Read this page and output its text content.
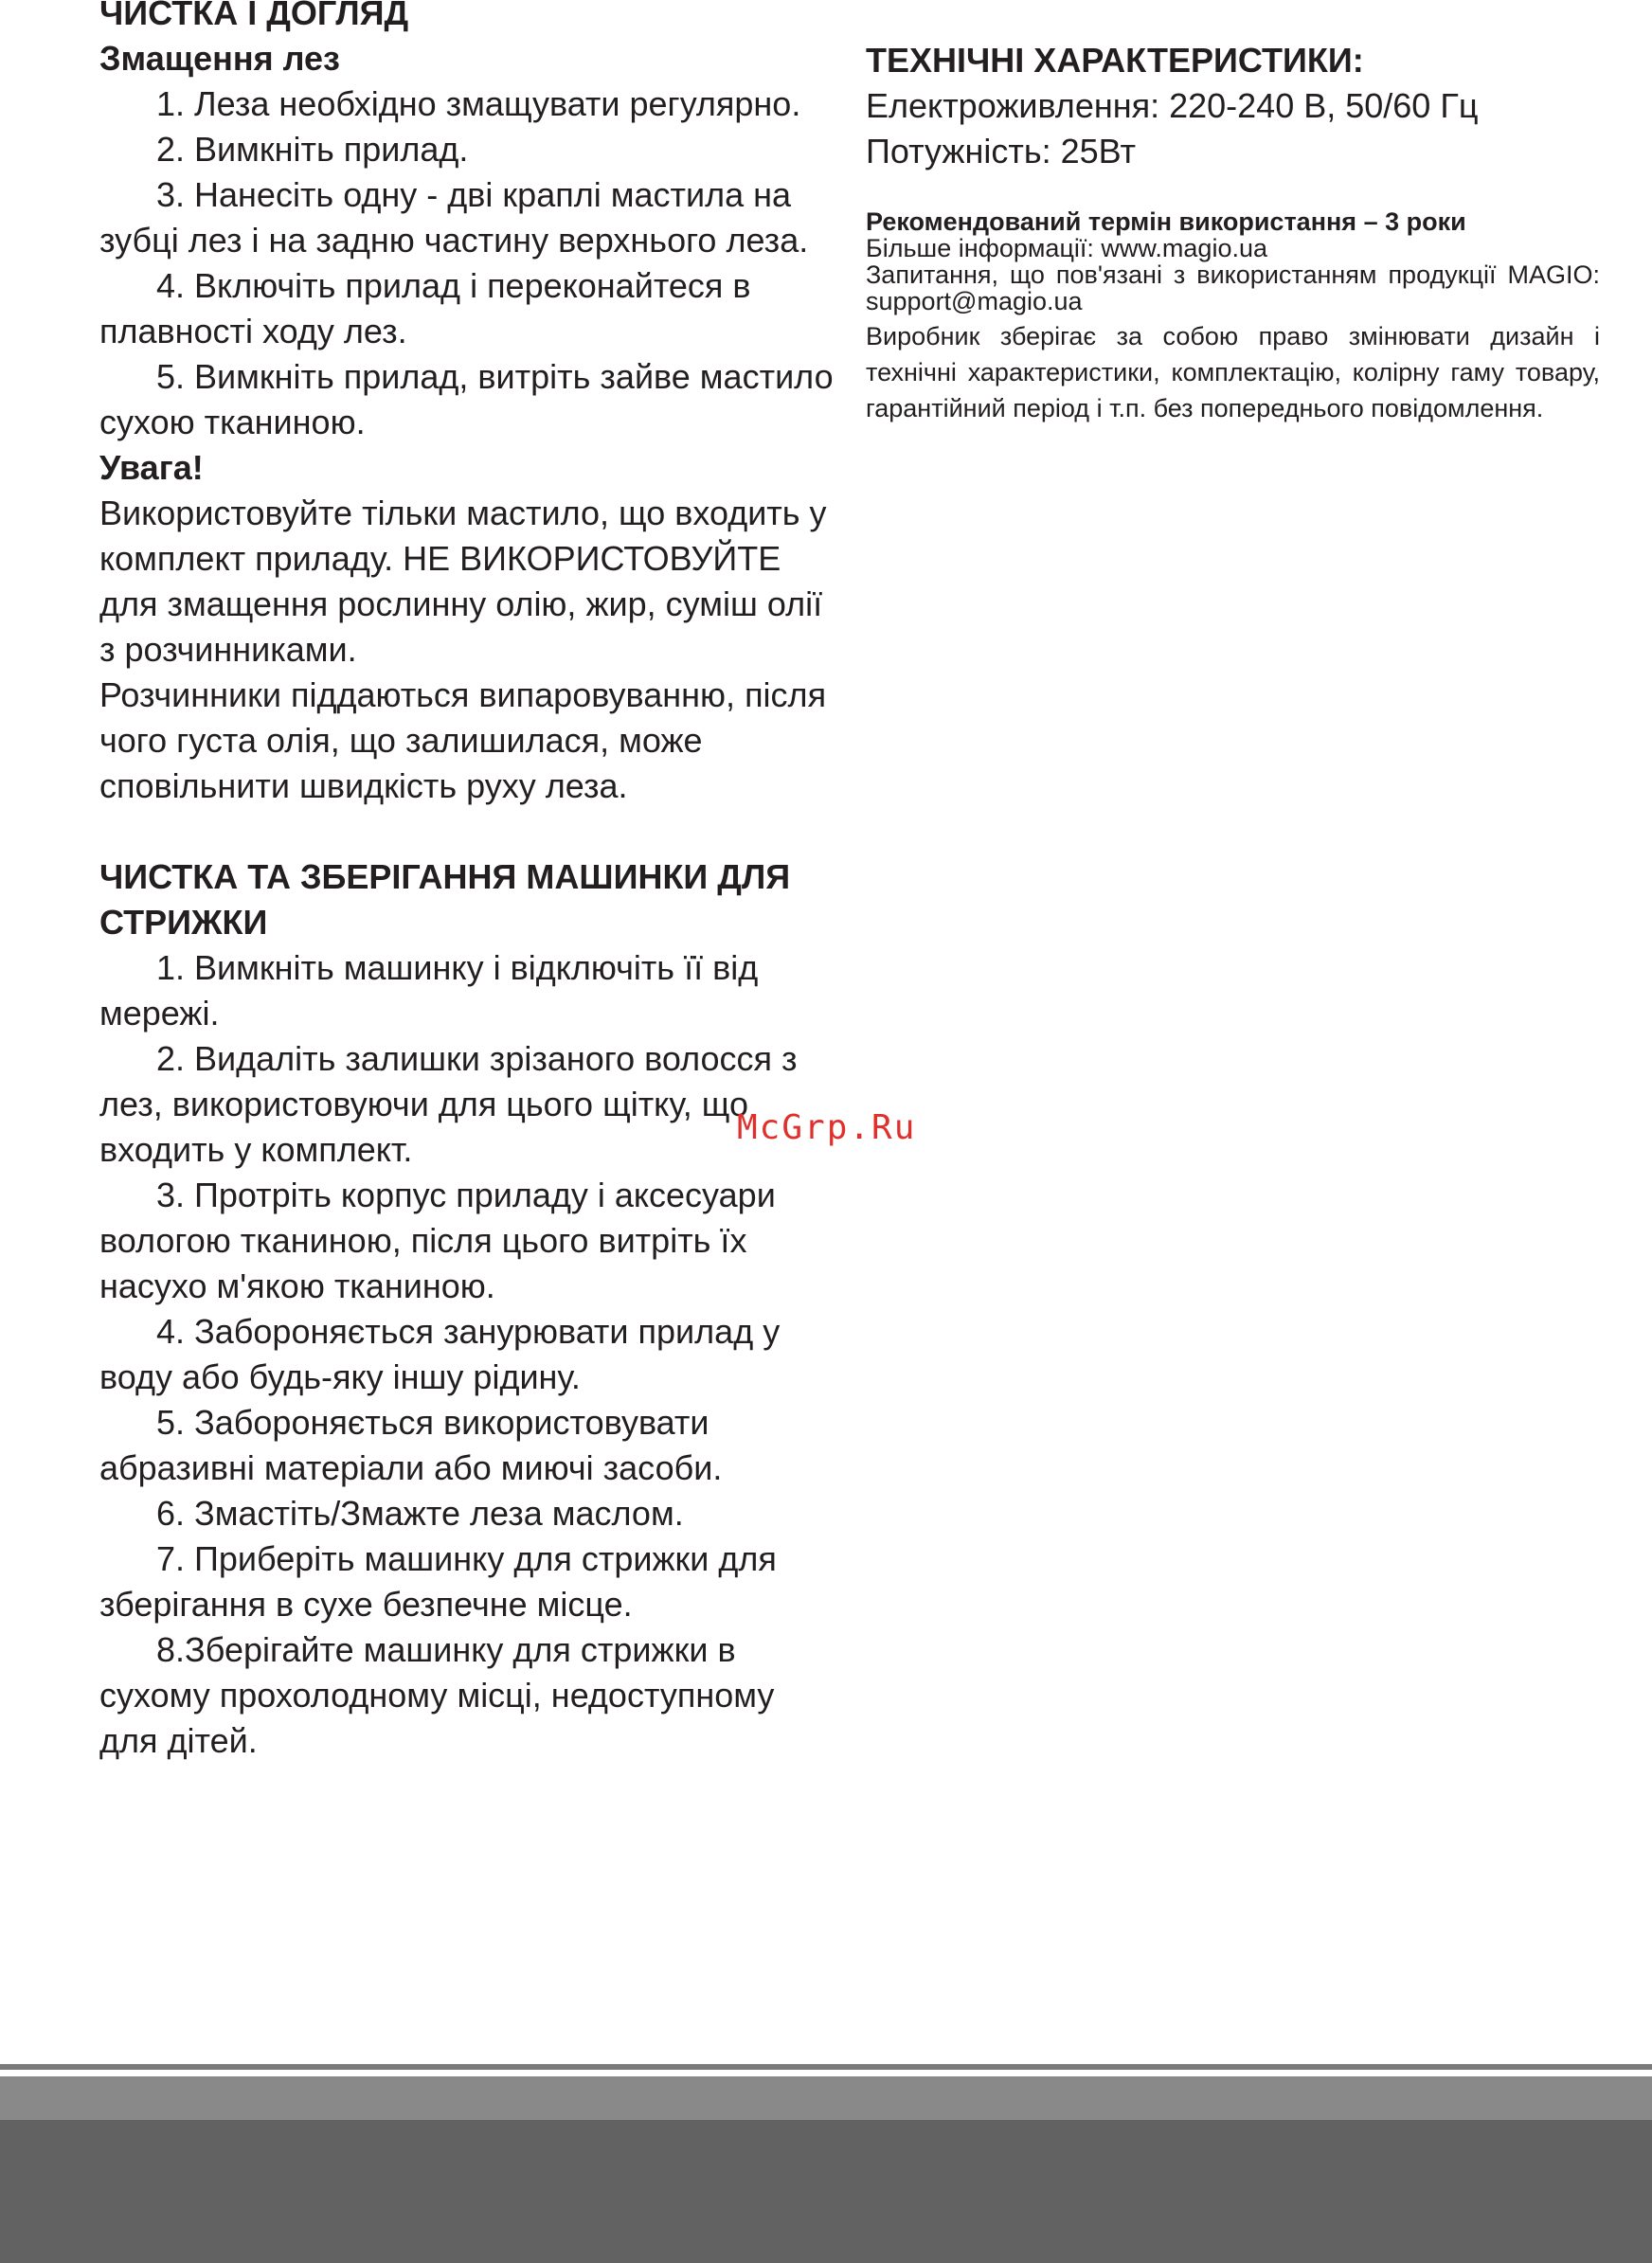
ЧИСТКА І ДОГЛЯД

Змащення лез

1. Леза необхідно змащувати регулярно.

2. Вимкніть прилад.

3. Нанесіть одну - дві краплі мастила на зубці лез і на задню частину верхнього леза.

4. Включіть прилад і переконайтеся в плавності ходу лез.

5. Вимкніть прилад, витріть зайве мастило сухою тканиною.

Увага!

Використовуйте тільки мастило, що входить у комплект приладу. НЕ ВИКОРИСТОВУЙТЕ для змащення рослинну олію, жир, суміш олії з розчинниками.

Розчинники піддаються випаровуванню, після чого густа олія, що залишилася, може сповільнити швидкість руху леза.

ЧИСТКА ТА ЗБЕРІГАННЯ МАШИНКИ ДЛЯ СТРИЖКИ

1. Вимкніть машинку і відключіть її від мережі.

2. Видаліть залишки зрізаного волосся з лез, використовуючи для цього щітку, що входить у комплект.

3. Протріть корпус приладу і аксесуари вологою тканиною, після цього витріть їх насухо м'якою тканиною.

4. Забороняється занурювати прилад у воду або будь-яку іншу рідину.

5. Забороняється використовувати абразивні матеріали або миючі засоби.

6. Змастіть/Змажте леза маслом.

7. Приберіть машинку для стрижки для зберігання в сухе безпечне місце.

8.Зберігайте машинку для стрижки в сухому прохолодному місці, недоступному для дітей.

ТЕХНІЧНІ ХАРАКТЕРИСТИКИ:

Електроживлення: 220-240 В, 50/60 Гц

Потужність: 25Вт

Рекомендований термін використання – 3 роки

Більше інформації: www.magio.ua

Запитання, що пов'язані з використанням продукції MAGIO: support@magio.ua

Виробник зберігає за собою право змінювати дизайн і технічні характеристики, комплектацію, колірну гаму товару, гарантійний період і т.п. без попереднього повідомлення.

McGrp.Ru
